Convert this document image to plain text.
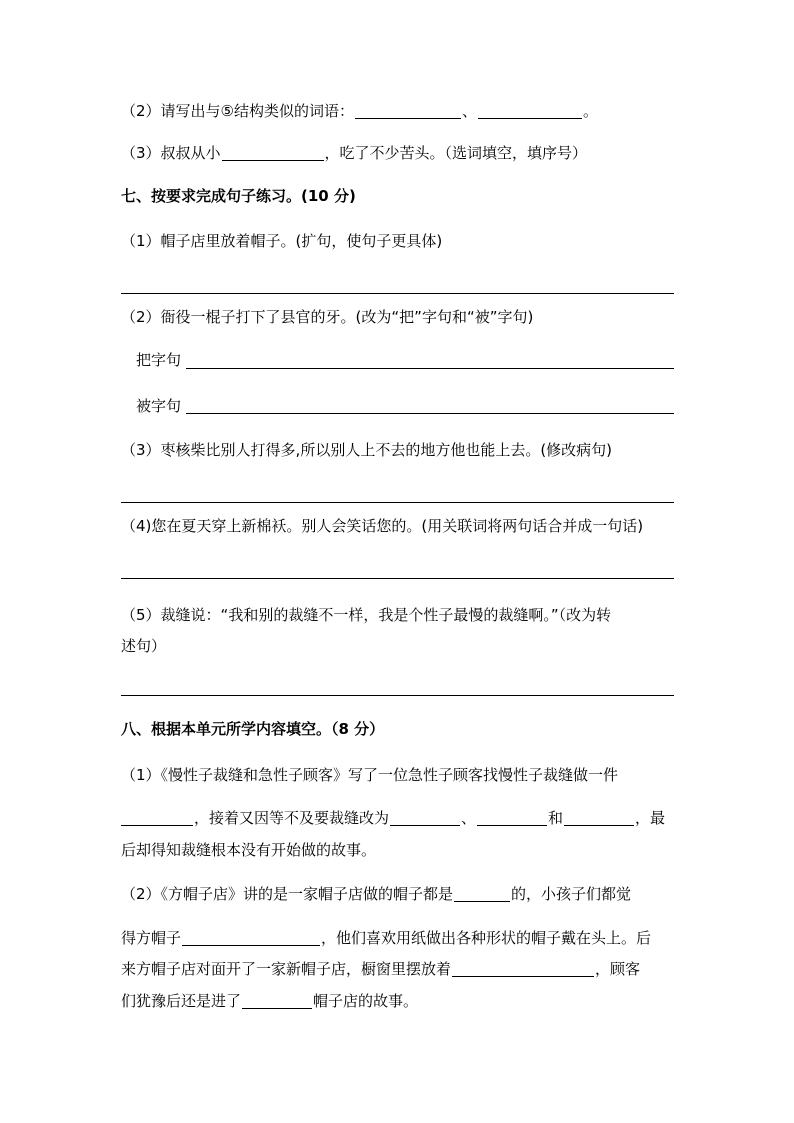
（2）请写出与⑤结构类似的词语：	、	。
（3）叔叔从小	，吃了不少苦头。（选词填空，填序号）
七、按要求完成句子练习。(10 分)
（1）帽子店里放着帽子。(扩句，使句子更具体)
（2）衙役一棍子打下了县官的牙。(改为“把”字句和“被”字句)
把字句
被字句
（3）枣核柴比别人打得多,所以别人上不去的地方他也能上去。(修改病句)
（4)您在夏天穿上新棉袄。别人会笑话您的。(用关联词将两句话合并成一句话)
（5）裁缝说：“我和别的裁缝不一样，我是个性子最慢的裁缝啊。”（改为转
述句）
八、根据本单元所学内容填空。（8 分）
（1）《慢性子裁缝和急性子顾客》写了一位急性子顾客找慢性子裁缝做一件
，接着又因等不及要裁缝改为	、	和	，最
后却得知裁缝根本没有开始做的故事。
（2）《方帽子店》讲的是一家帽子店做的帽子都是	的，小孩子们都觉
得方帽子	，他们喜欢用纸做出各种形状的帽子戴在头上。后
来方帽子店对面开了一家新帽子店，橱窗里摆放着	，顾客
们犹豫后还是进了	帽子店的故事。
